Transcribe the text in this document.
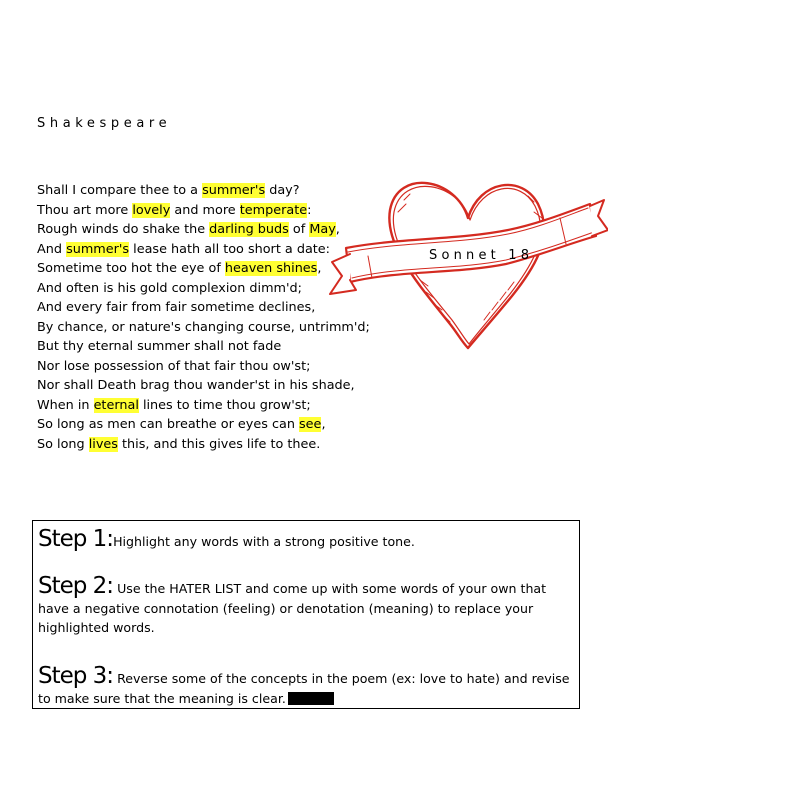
Shakespeare
Shall I compare thee to a summer's day?
Thou art more lovely and more temperate:
Rough winds do shake the darling buds of May,
And summer's lease hath all too short a date:
Sometime too hot the eye of heaven shines,
And often is his gold complexion dimm'd;
And every fair from fair sometime declines,
By chance, or nature's changing course, untrimm'd;
But thy eternal summer shall not fade
Nor lose possession of that fair thou ow'st;
Nor shall Death brag thou wander'st in his shade,
When in eternal lines to time thou grow'st;
So long as men can breathe or eyes can see,
So long lives this, and this gives life to thee.
Sonnet 18
Step 1:Highlight any words with a strong positive tone.
Step 2: Use the HATER LIST and come up with some words of your own that have a negative connotation (feeling) or denotation (meaning) to replace your highlighted words.
Step 3: Reverse some of the concepts in the poem (ex: love to hate) and revise to make sure that the meaning is clear.
